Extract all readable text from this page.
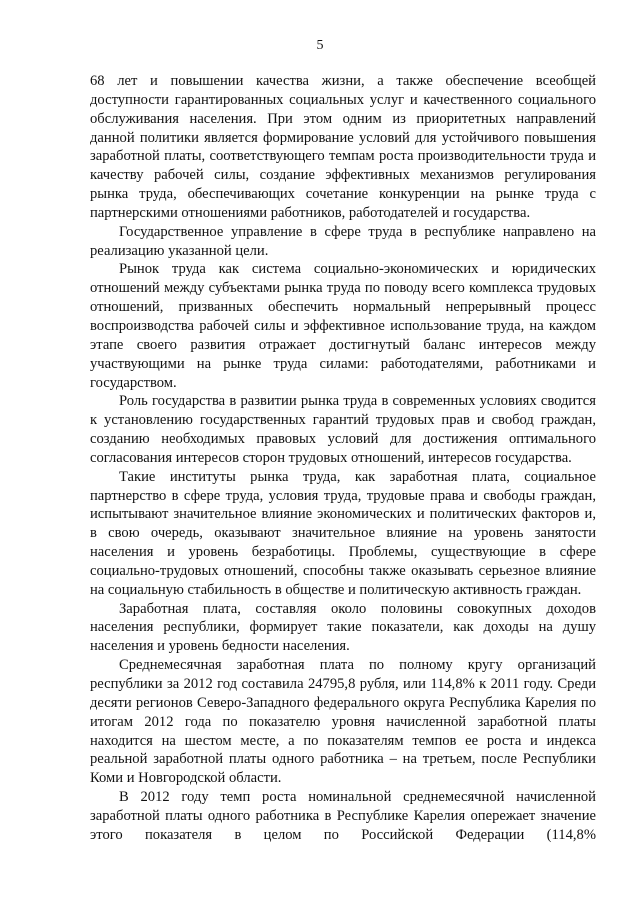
5

68 лет и повышении качества жизни, а также обеспечение всеобщей доступности гарантированных социальных услуг и качественного социального обслуживания населения. При этом одним из приоритетных направлений данной политики является формирование условий для устойчивого повышения заработной платы, соответствующего темпам роста производительности труда и качеству рабочей силы, создание эффективных механизмов регулирования рынка труда, обеспечивающих сочетание конкуренции на рынке труда с партнерскими отношениями работников, работодателей и государства.

Государственное управление в сфере труда в республике направлено на реализацию указанной цели.

Рынок труда как система социально-экономических и юридических отношений между субъектами рынка труда по поводу всего комплекса трудовых отношений, призванных обеспечить нормальный непрерывный процесс воспроизводства рабочей силы и эффективное использование труда, на каждом этапе своего развития отражает достигнутый баланс интересов между участвующими на рынке труда силами: работодателями, работниками и государством.

Роль государства в развитии рынка труда в современных условиях сводится к установлению государственных гарантий трудовых прав и свобод граждан, созданию необходимых правовых условий для достижения оптимального согласования интересов сторон трудовых отношений, интересов государства.

Такие институты рынка труда, как заработная плата, социальное партнерство в сфере труда, условия труда, трудовые права и свободы граждан, испытывают значительное влияние экономических и политических факторов и, в свою очередь, оказывают значительное влияние на уровень занятости населения и уровень безработицы. Проблемы, существующие в сфере социально-трудовых отношений, способны также оказывать серьезное влияние на социальную стабильность в обществе и политическую активность граждан.

Заработная плата, составляя около половины совокупных доходов населения республики, формирует такие показатели, как доходы на душу населения и уровень бедности населения.

Среднемесячная заработная плата по полному кругу организаций республики за 2012 год составила 24795,8 рубля, или 114,8% к 2011 году. Среди десяти регионов Северо-Западного федерального округа Республика Карелия по итогам 2012 года по показателю уровня начисленной заработной платы находится на шестом месте, а по показателям темпов ее роста и индекса реальной заработной платы одного работника – на третьем, после Республики Коми и Новгородской области.

В 2012 году темп роста номинальной среднемесячной начисленной заработной платы одного работника в Республике Карелия опережает значение этого показателя в целом по Российской Федерации (114,8%
